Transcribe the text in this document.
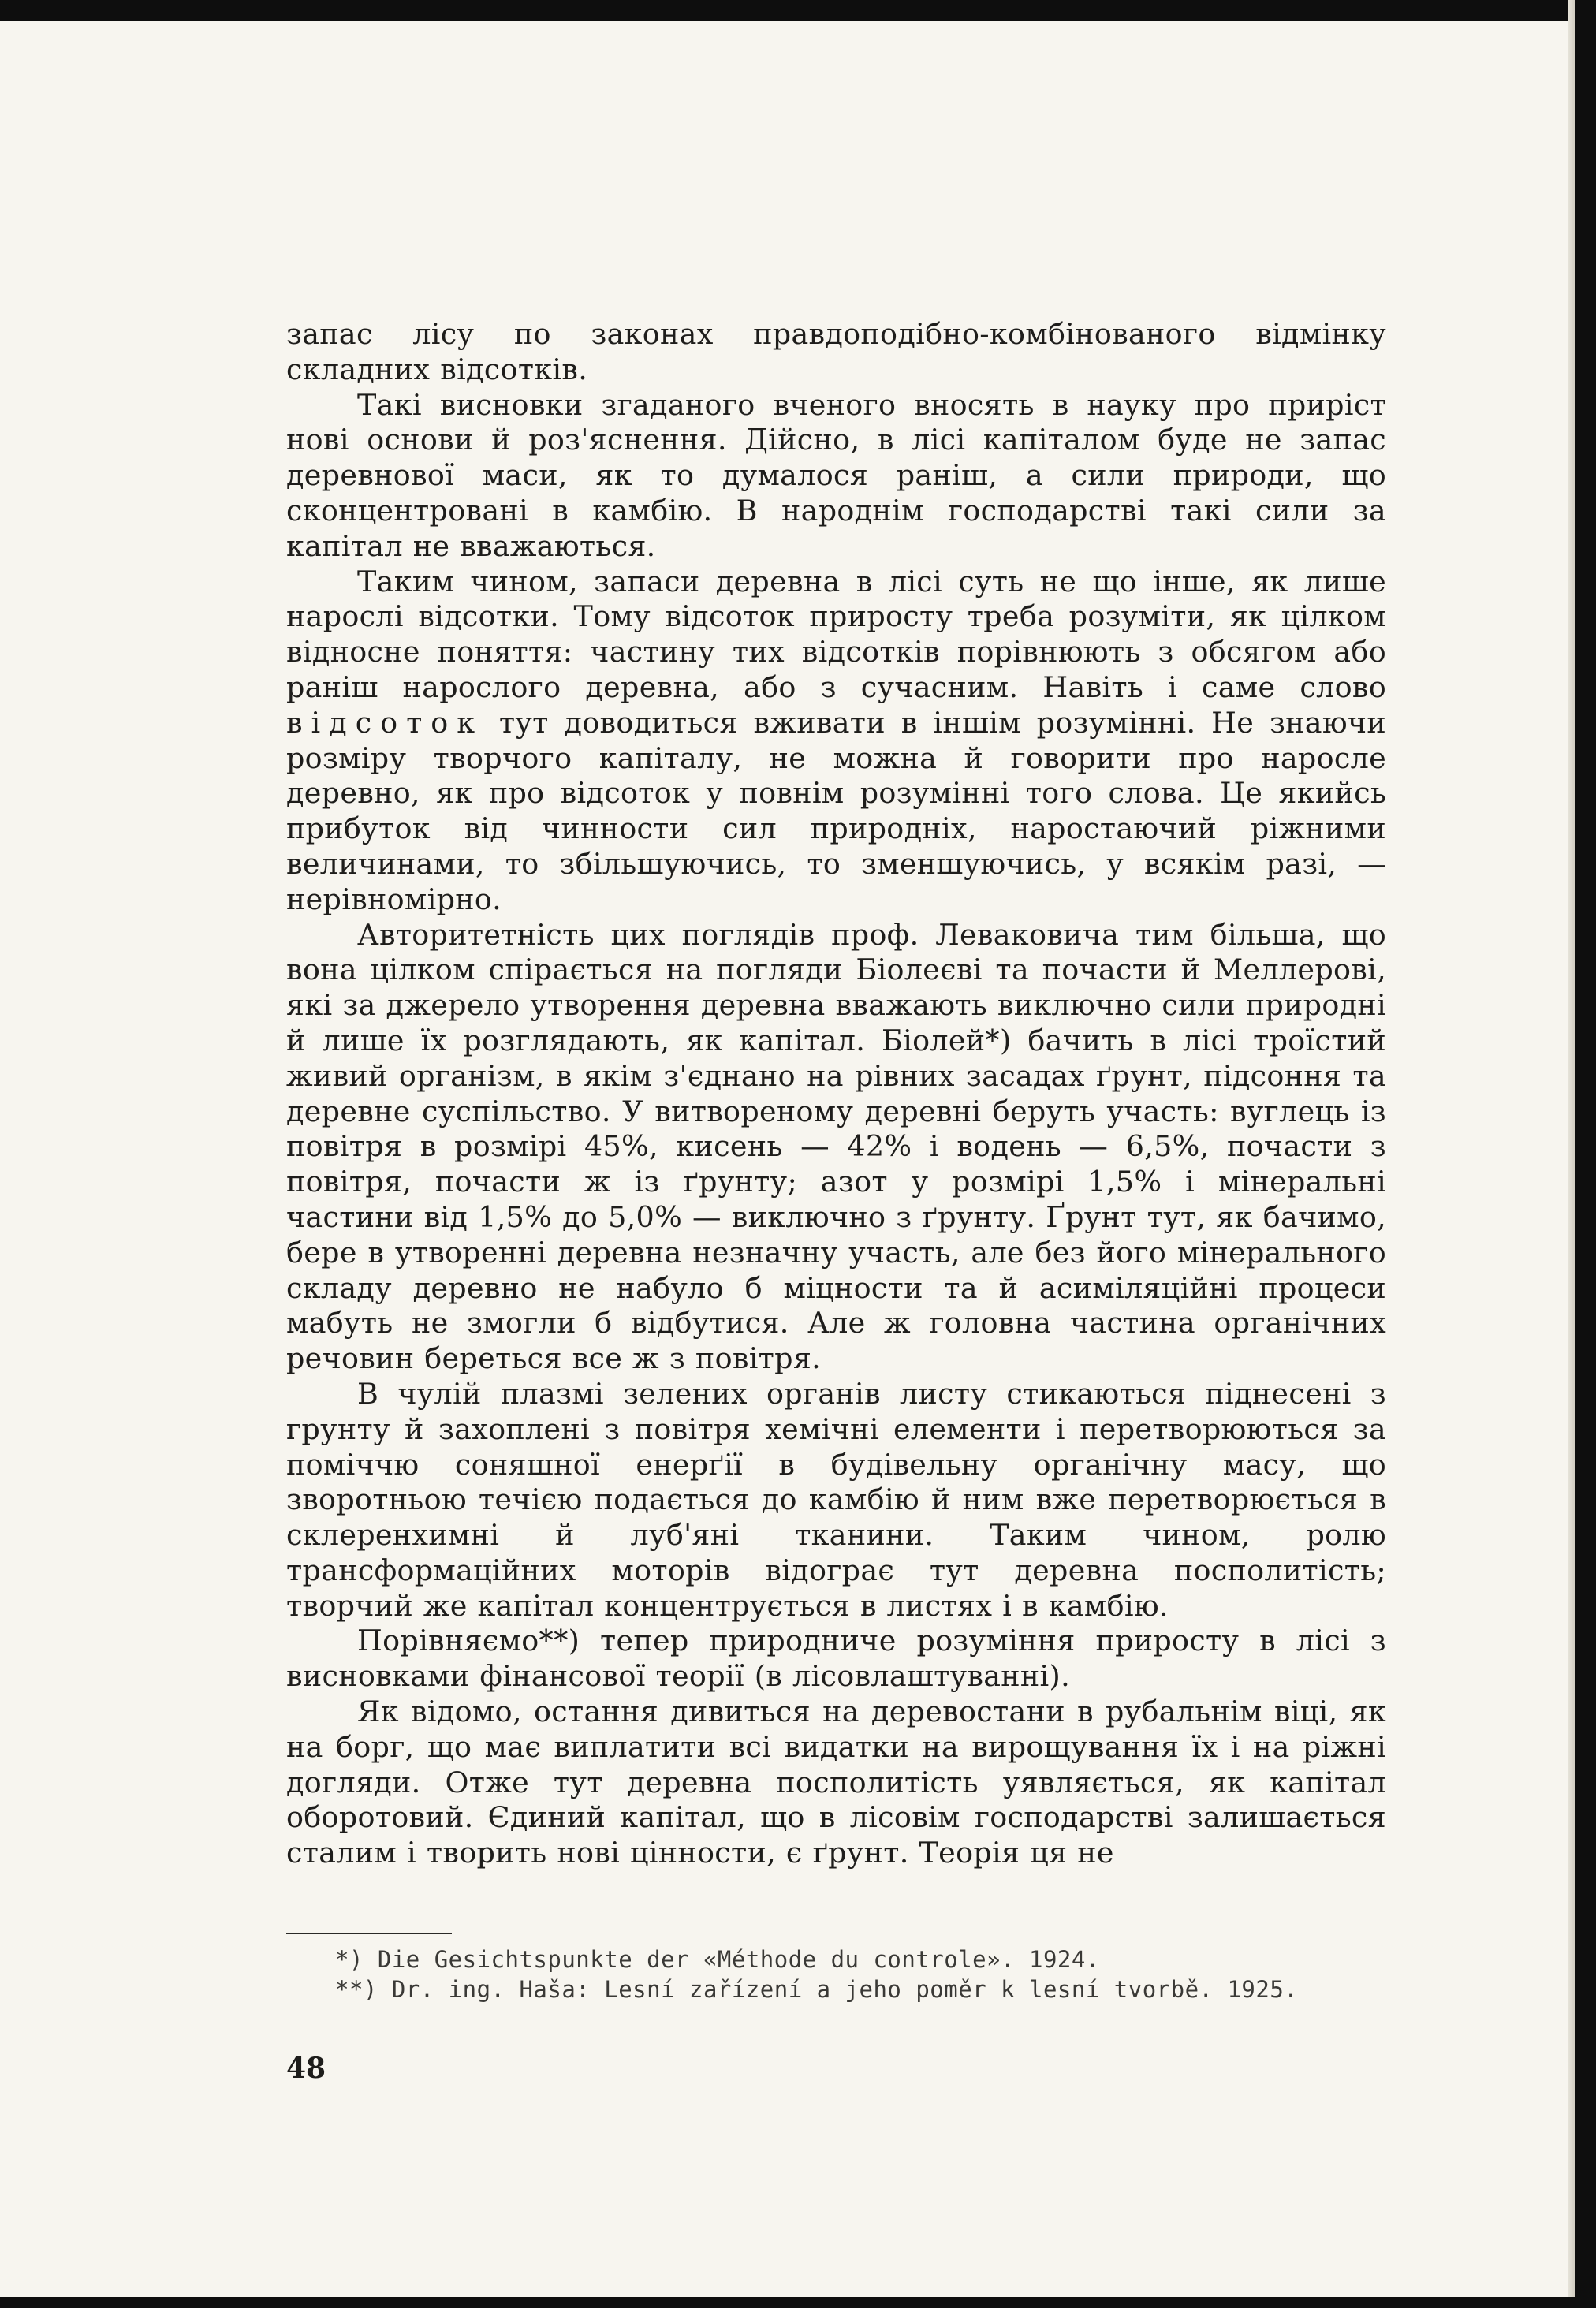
запас лісу по законах правдоподібно-комбінованого відмінку складних відсотків.

Такі висновки згаданого вченого вносять в науку про приріст нові основи й роз'яснення. Дійсно, в лісі капіталом буде не запас деревнової маси, як то думалося раніш, а сили природи, що сконцентровані в камбію. В народнім господарстві такі сили за капітал не вважаються.

Таким чином, запаси деревна в лісі суть не що інше, як лише нарослі відсотки. Тому відсоток приросту треба розуміти, як цілком відносне поняття: частину тих відсотків порівнюють з обсягом або раніш наpослого деревна, або з сучасним. Навіть і саме слово відсоток тут доводиться вживати в іншім розумінні. Не знаючи розміру творчого капіталу, не можна й говорити про наросле деревно, як про відсоток у повнім розумінні того слова. Це якийсь прибуток від чинности сил природніх, наростаючий ріжними величинами, то збільшуючись, то зменшуючись, у всякім разі, — нерівномірно.

Авторитетність цих поглядів проф. Леваковича тим більша, що вона цілком спірається на погляди Біолеєві та почасти й Меллерові, які за джерело утворення деревна вважають виключно сили природні й лише їх розглядають, як капітал. Біолей*) бачить в лісі троїстий живий організм, в якім з'єднано на рівних засадах ґрунт, підсоння та деревне суспільство. У витвореному деревні беруть участь: вуглець із повітря в розмірі 45%, кисень — 42% і водень — 6,5%, почасти з повітря, почасти ж із ґрунту; азот у розмірі 1,5% і мінеральні частини від 1,5% до 5,0% — виключно з ґрунту. Ґрунт тут, як бачимо, бере в утворенні деревна незначну участь, але без його мінерального складу деревно не набуло б міцности та й асиміляційні процеси мабуть не змогли б відбутися. Але ж головна частина органічних речовин береться все ж з повітря.

В чулій плазмі зелених органів листу стикаються піднесені з грунту й захоплені з повітря хемічні елементи і перетворюються за поміччю соняшної енерґії в будівельну органічну масу, що зворотньою течією подається до камбію й ним вже перетворюється в склеренхимні й луб'яні тканини. Таким чином, ролю трансформаційних моторів відограє тут деревна посполитість; творчий же капітал концентрується в листях і в камбію.

Порівняємо**) тепер природниче розуміння приросту в лісі з висновками фінансової теорії (в лісовлаштуванні).

Як відомо, остання дивиться на деревостани в рубальнім віці, як на борг, що має виплатити всі видатки на вирощування їх і на ріжні догляди. Отже тут деревна посполитість уявляється, як капітал оборотовий. Єдиний капітал, що в лісовім господарстві залишається сталим і творить нові цінности, є ґрунт. Теорія ця не

*) Die Gesichtspunkte der «Méthode du controle». 1924.

**) Dr. ing. Haša: Lesní zařízení a jeho poměr k lesní tvorbě. 1925.

48
